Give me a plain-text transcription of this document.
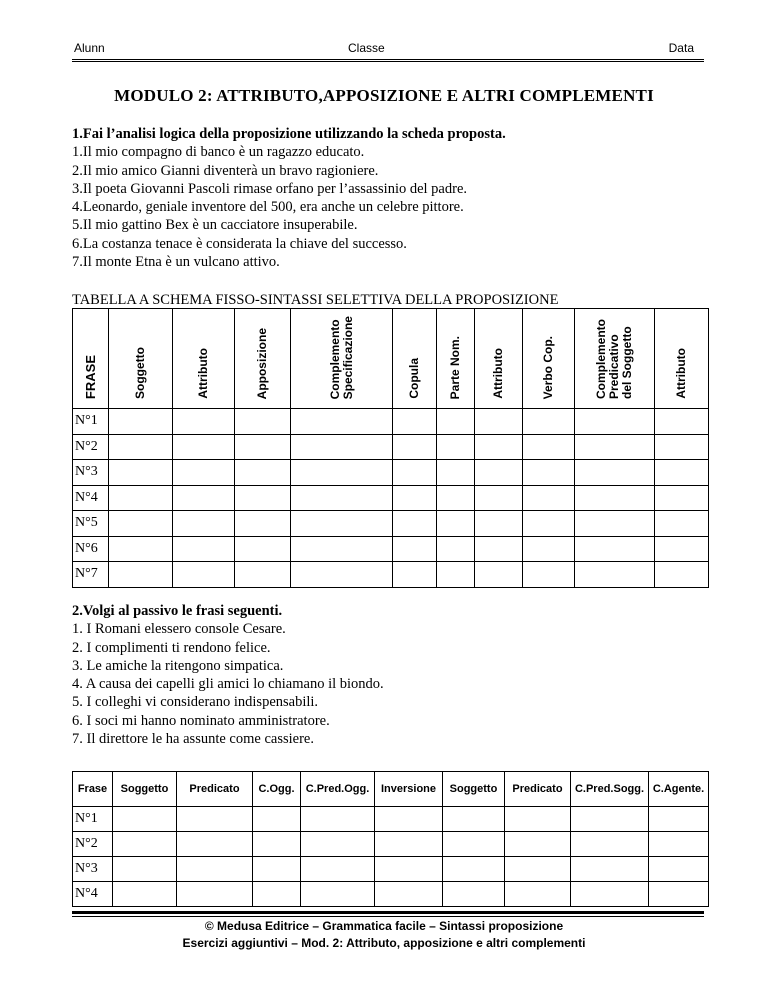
Alunn	Classe	Data
MODULO 2: ATTRIBUTO,APPOSIZIONE E ALTRI COMPLEMENTI
1.Fai l’analisi logica della proposizione utilizzando la scheda proposta.
1.Il mio compagno di banco è un ragazzo educato.
2.Il mio amico Gianni diventerà un bravo ragioniere.
3.Il poeta Giovanni Pascoli rimase orfano per l’assassinio del padre.
4.Leonardo, geniale inventore del 500, era anche un celebre pittore.
5.Il mio gattino Bex è un cacciatore insuperabile.
6.La costanza tenace è considerata la chiave del successo.
7.Il monte Etna è un vulcano attivo.
TABELLA A SCHEMA FISSO-SINTASSI SELETTIVA DELLA PROPOSIZIONE
FRASE	Soggetto	Attributo	Apposizione	Complemento Specificazione	Copula	Parte Nom.	Attributo	Verbo Cop.	Complemento Predicativo del Soggetto	Attributo

N°1										
N°2										
N°3										
N°4										
N°5										
N°6										
N°7										
2.Volgi al passivo le frasi seguenti.
1. I Romani elessero console Cesare.
2. I complimenti ti rendono felice.
3. Le amiche la ritengono simpatica.
4. A causa dei capelli gli amici lo chiamano il biondo.
5. I colleghi vi considerano indispensabili.
6. I soci mi hanno nominato amministratore.
7. Il direttore le ha assunte come cassiere.
Frase	Soggetto	Predicato	C.Ogg.	C.Pred.Ogg.	Inversione	Soggetto	Predicato	C.Pred.Sogg.	C.Agente.
N°1									
N°2									
N°3									
N°4									
© Medusa Editrice – Grammatica facile – Sintassi proposizione
Esercizi aggiuntivi – Mod. 2: Attributo, apposizione e altri complementi
